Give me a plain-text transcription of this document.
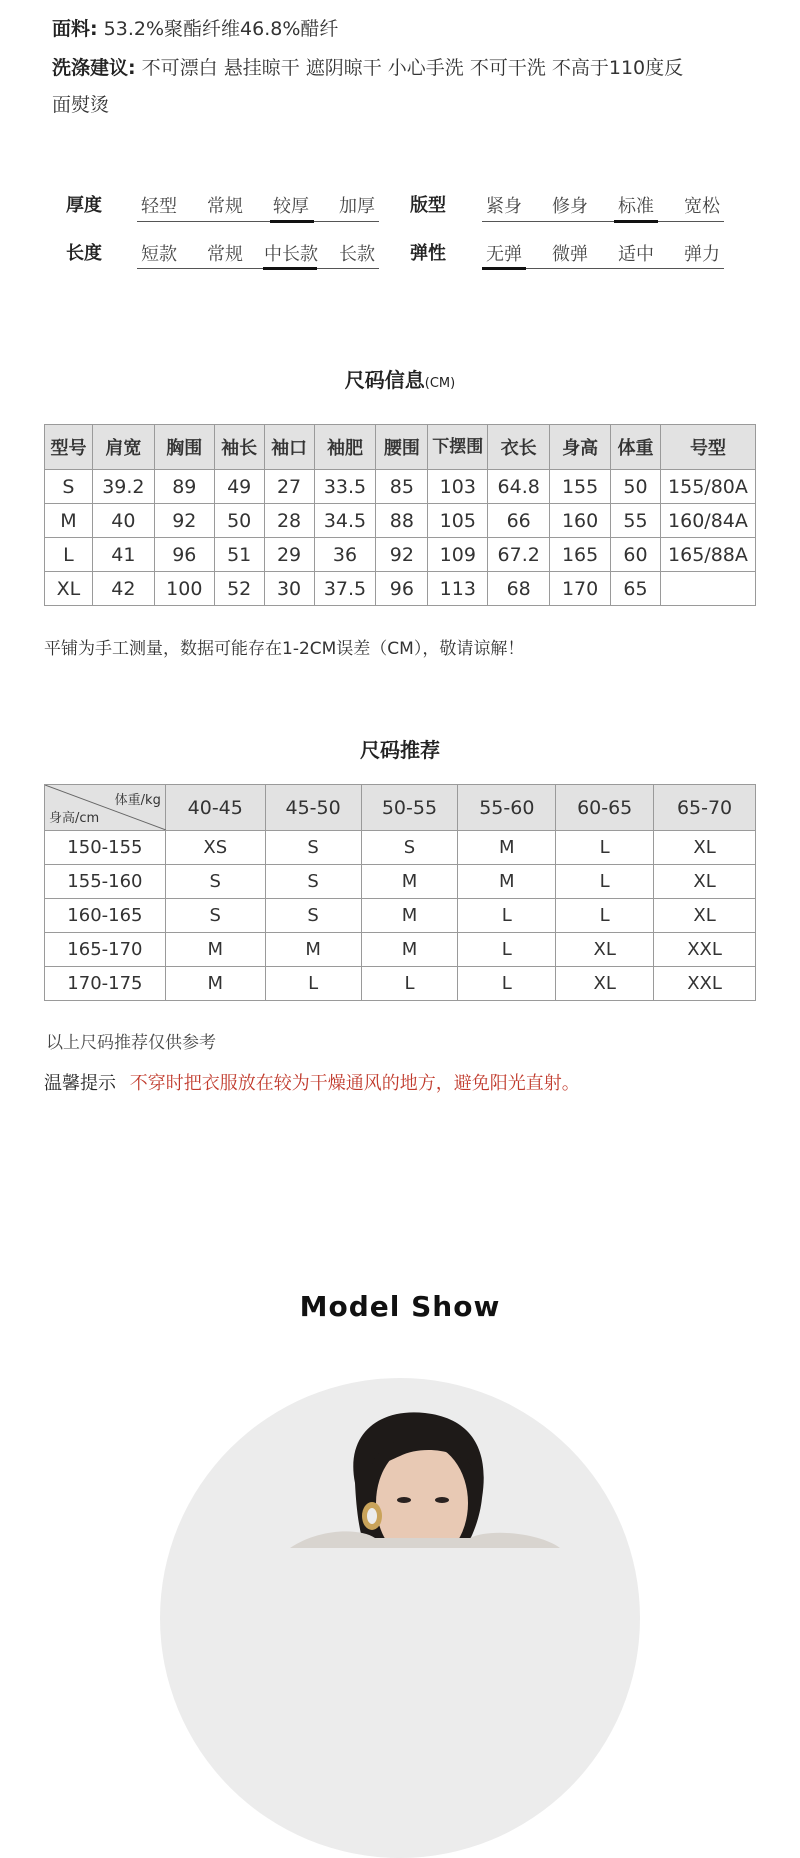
面料: 53.2%聚酯纤维46.8%醋纤
洗涤建议: 不可漂白 悬挂晾干 遮阴晾干 小心手洗 不可干洗 不高于110度反
面熨烫
厚度	轻型	常规	较厚	加厚	版型	紧身	修身	标准	宽松
长度	短款	常规	中长款	长款	弹性	无弹	微弹	适中	弹力
尺码信息(CM)
型号	肩宽	胸围	袖长	袖口	袖肥	腰围	下摆围	衣长	身高	体重	号型
S	39.2	89	49	27	33.5	85	103	64.8	155	50	155/80A
M	40	92	50	28	34.5	88	105	66	160	55	160/84A
L	41	96	51	29	36	92	109	67.2	165	60	165/88A
XL	42	100	52	30	37.5	96	113	68	170	65	
平铺为手工测量，数据可能存在1-2CM误差（CM），敬请谅解！
尺码推荐
体重/kg
身高/cm	40-45	45-50	50-55	55-60	60-65	65-70
150-155	XS	S	S	M	L	XL
155-160	S	S	M	M	L	XL
160-165	S	S	M	L	L	XL
165-170	M	M	M	L	XL	XXL
170-175	M	L	L	L	XL	XXL
以上尺码推荐仅供参考
温馨提示 不穿时把衣服放在较为干燥通风的地方，避免阳光直射。
Model Show
